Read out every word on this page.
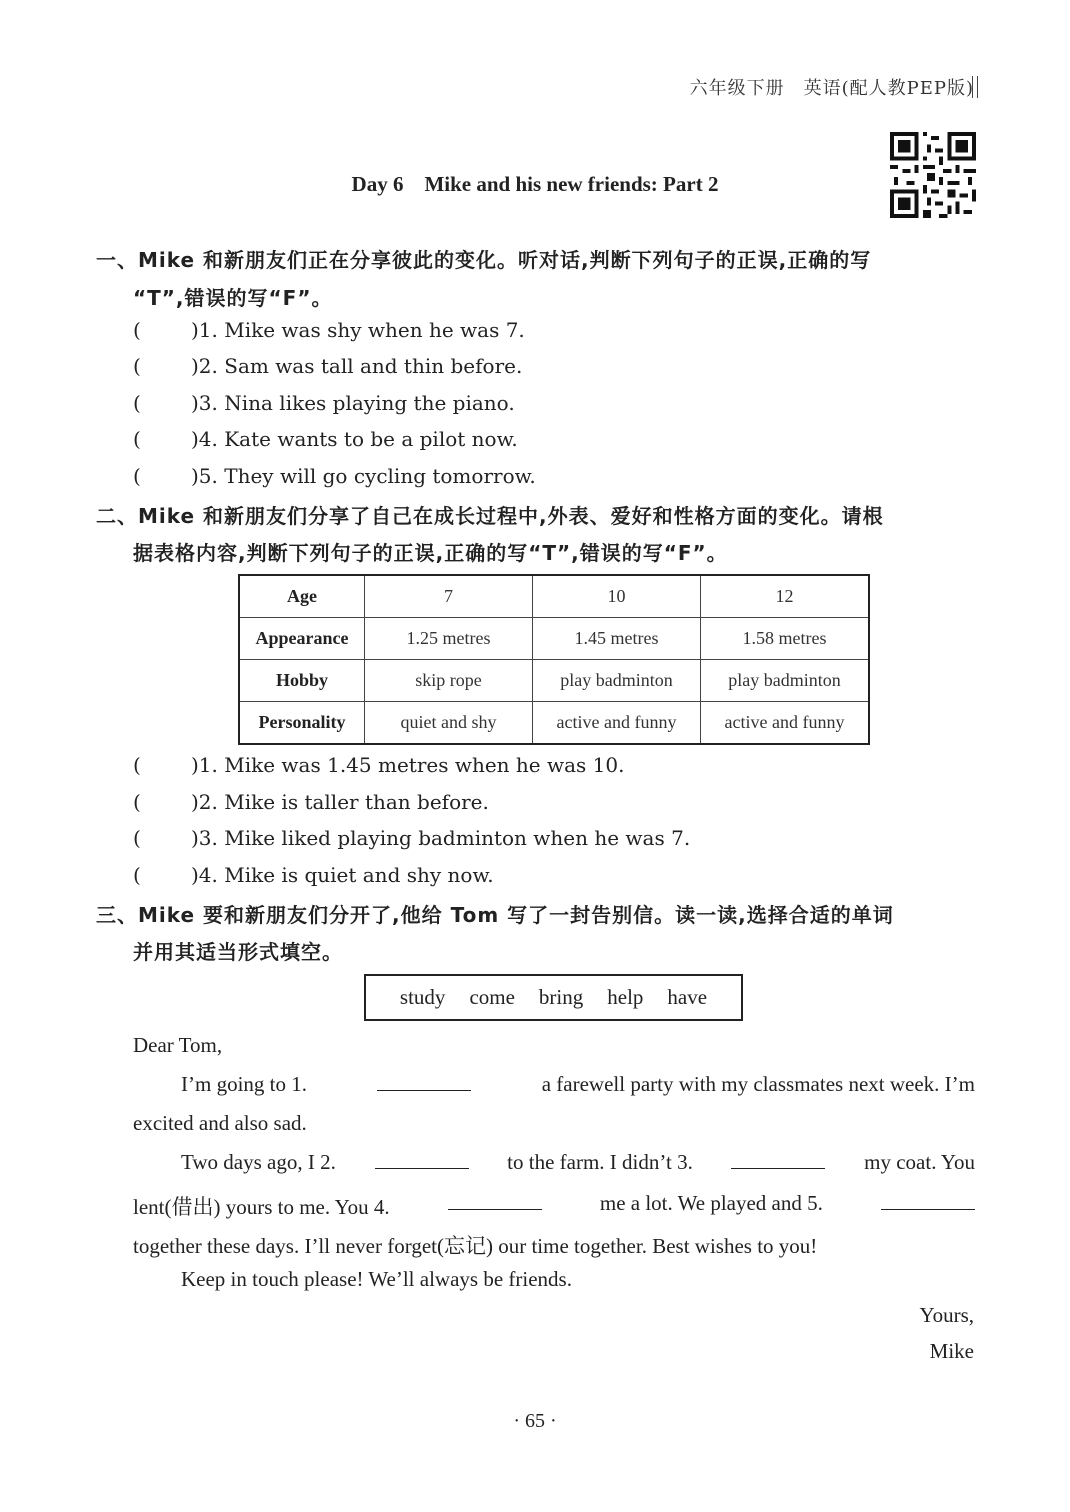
六年级下册　英语(配人教PEP版)
Day 6　Mike and his new friends: Part 2
一、Mike 和新朋友们正在分享彼此的变化。听对话,判断下列句子的正误,正确的写
“T”,错误的写“F”。
(	)1. Mike was shy when he was 7.
(	)2. Sam was tall and thin before.
(	)3. Nina likes playing the piano.
(	)4. Kate wants to be a pilot now.
(	)5. They will go cycling tomorrow.
二、Mike 和新朋友们分享了自己在成长过程中,外表、爱好和性格方面的变化。请根
据表格内容,判断下列句子的正误,正确的写“T”,错误的写“F”。
Age	7	10	12
Appearance	1.25 metres	1.45 metres	1.58 metres
Hobby	skip rope	play badminton	play badminton
Personality	quiet and shy	active and funny	active and funny
(	)1. Mike was 1.45 metres when he was 10.
(	)2. Mike is taller than before.
(	)3. Mike liked playing badminton when he was 7.
(	)4. Mike is quiet and shy now.
三、Mike 要和新朋友们分开了,他给 Tom 写了一封告别信。读一读,选择合适的单词
并用其适当形式填空。
study come bring help have
Dear Tom,
I’m going to 1.	a farewell party with my classmates next week. I’m
excited and also sad.
Two days ago, I 2.	to the farm. I didn’t 3.	my coat. You
lent(借出) yours to me. You 4.	me a lot. We played and 5.
together these days. I’ll never forget(忘记) our time together. Best wishes to you!
Keep in touch please! We’ll always be friends.
Yours,
Mike
· 65 ·
